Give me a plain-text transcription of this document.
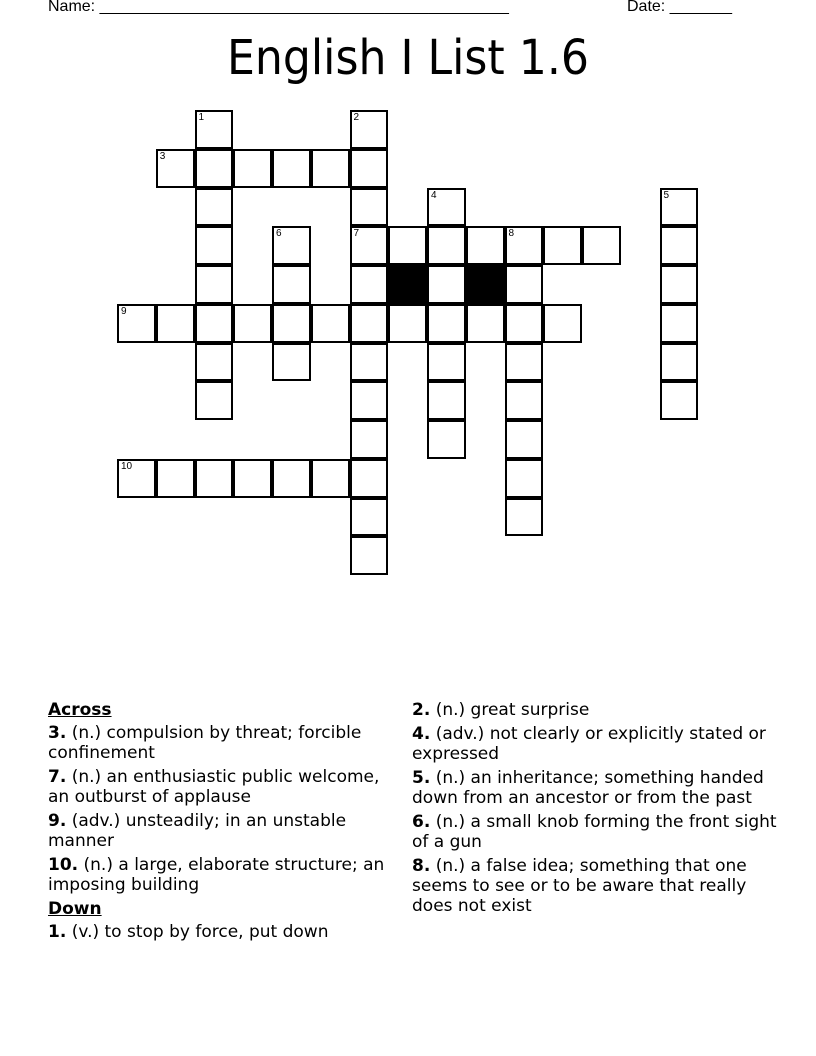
Name: ______________________________________________	Date: _______
English I List 1.6
1	2
7
3
4	5
6	8
9
10
Across
3. (n.) compulsion by threat; forcible confinement
7. (n.) an enthusiastic public welcome, an outburst of applause
9. (adv.) unsteadily; in an unstable manner
10. (n.) a large, elaborate structure; an imposing building
Down
1. (v.) to stop by force, put down
2. (n.) great surprise
4. (adv.) not clearly or explicitly stated or expressed
5. (n.) an inheritance; something handed down from an ancestor or from the past
6. (n.) a small knob forming the front sight of a gun
8. (n.) a false idea; something that one seems to see or to be aware that really does not exist
